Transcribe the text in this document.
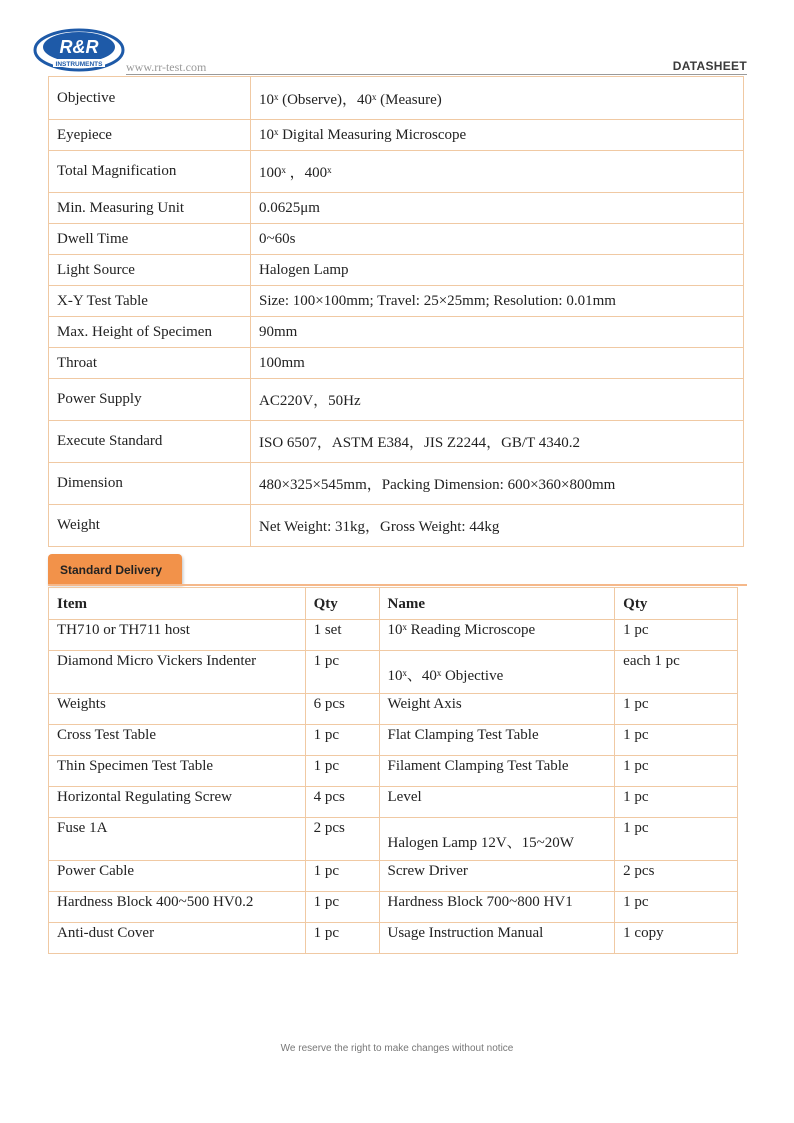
R&R
INSTRUMENTS www.rr-test.com	DATASHEET
Objective	10ˣ (Observe)，40ˣ (Measure)
Eyepiece	10ˣ Digital Measuring Microscope
Total Magnification	100ˣ ，400ˣ
Min. Measuring Unit	0.0625μm
Dwell Time	0~60s
Light Source	Halogen Lamp
X-Y Test Table	Size: 100×100mm; Travel: 25×25mm; Resolution: 0.01mm
Max. Height of Specimen	90mm
Throat	100mm
Power Supply	AC220V，50Hz
Execute Standard	ISO 6507，ASTM E384，JIS Z2244，GB/T 4340.2
Dimension	480×325×545mm，Packing Dimension: 600×360×800mm
Weight	Net Weight: 31kg，Gross Weight: 44kg
Standard Delivery
Item	Qty	Name	Qty
TH710 or TH711 host	1 set	10ˣ Reading Microscope	1 pc
Diamond Micro Vickers Indenter	1 pc	10ˣ、40ˣ Objective	each 1 pc
Weights	6 pcs	Weight Axis	1 pc
Cross Test Table	1 pc	Flat Clamping Test Table	1 pc
Thin Specimen Test Table	1 pc	Filament Clamping Test Table	1 pc
Horizontal Regulating Screw	4 pcs	Level	1 pc
Fuse 1A	2 pcs	Halogen Lamp 12V、15~20W	1 pc
Power Cable	1 pc	Screw Driver	2 pcs
Hardness Block 400~500 HV0.2	1 pc	Hardness Block 700~800 HV1	1 pc
Anti-dust Cover	1 pc	Usage Instruction Manual	1 copy
We reserve the right to make changes without notice
